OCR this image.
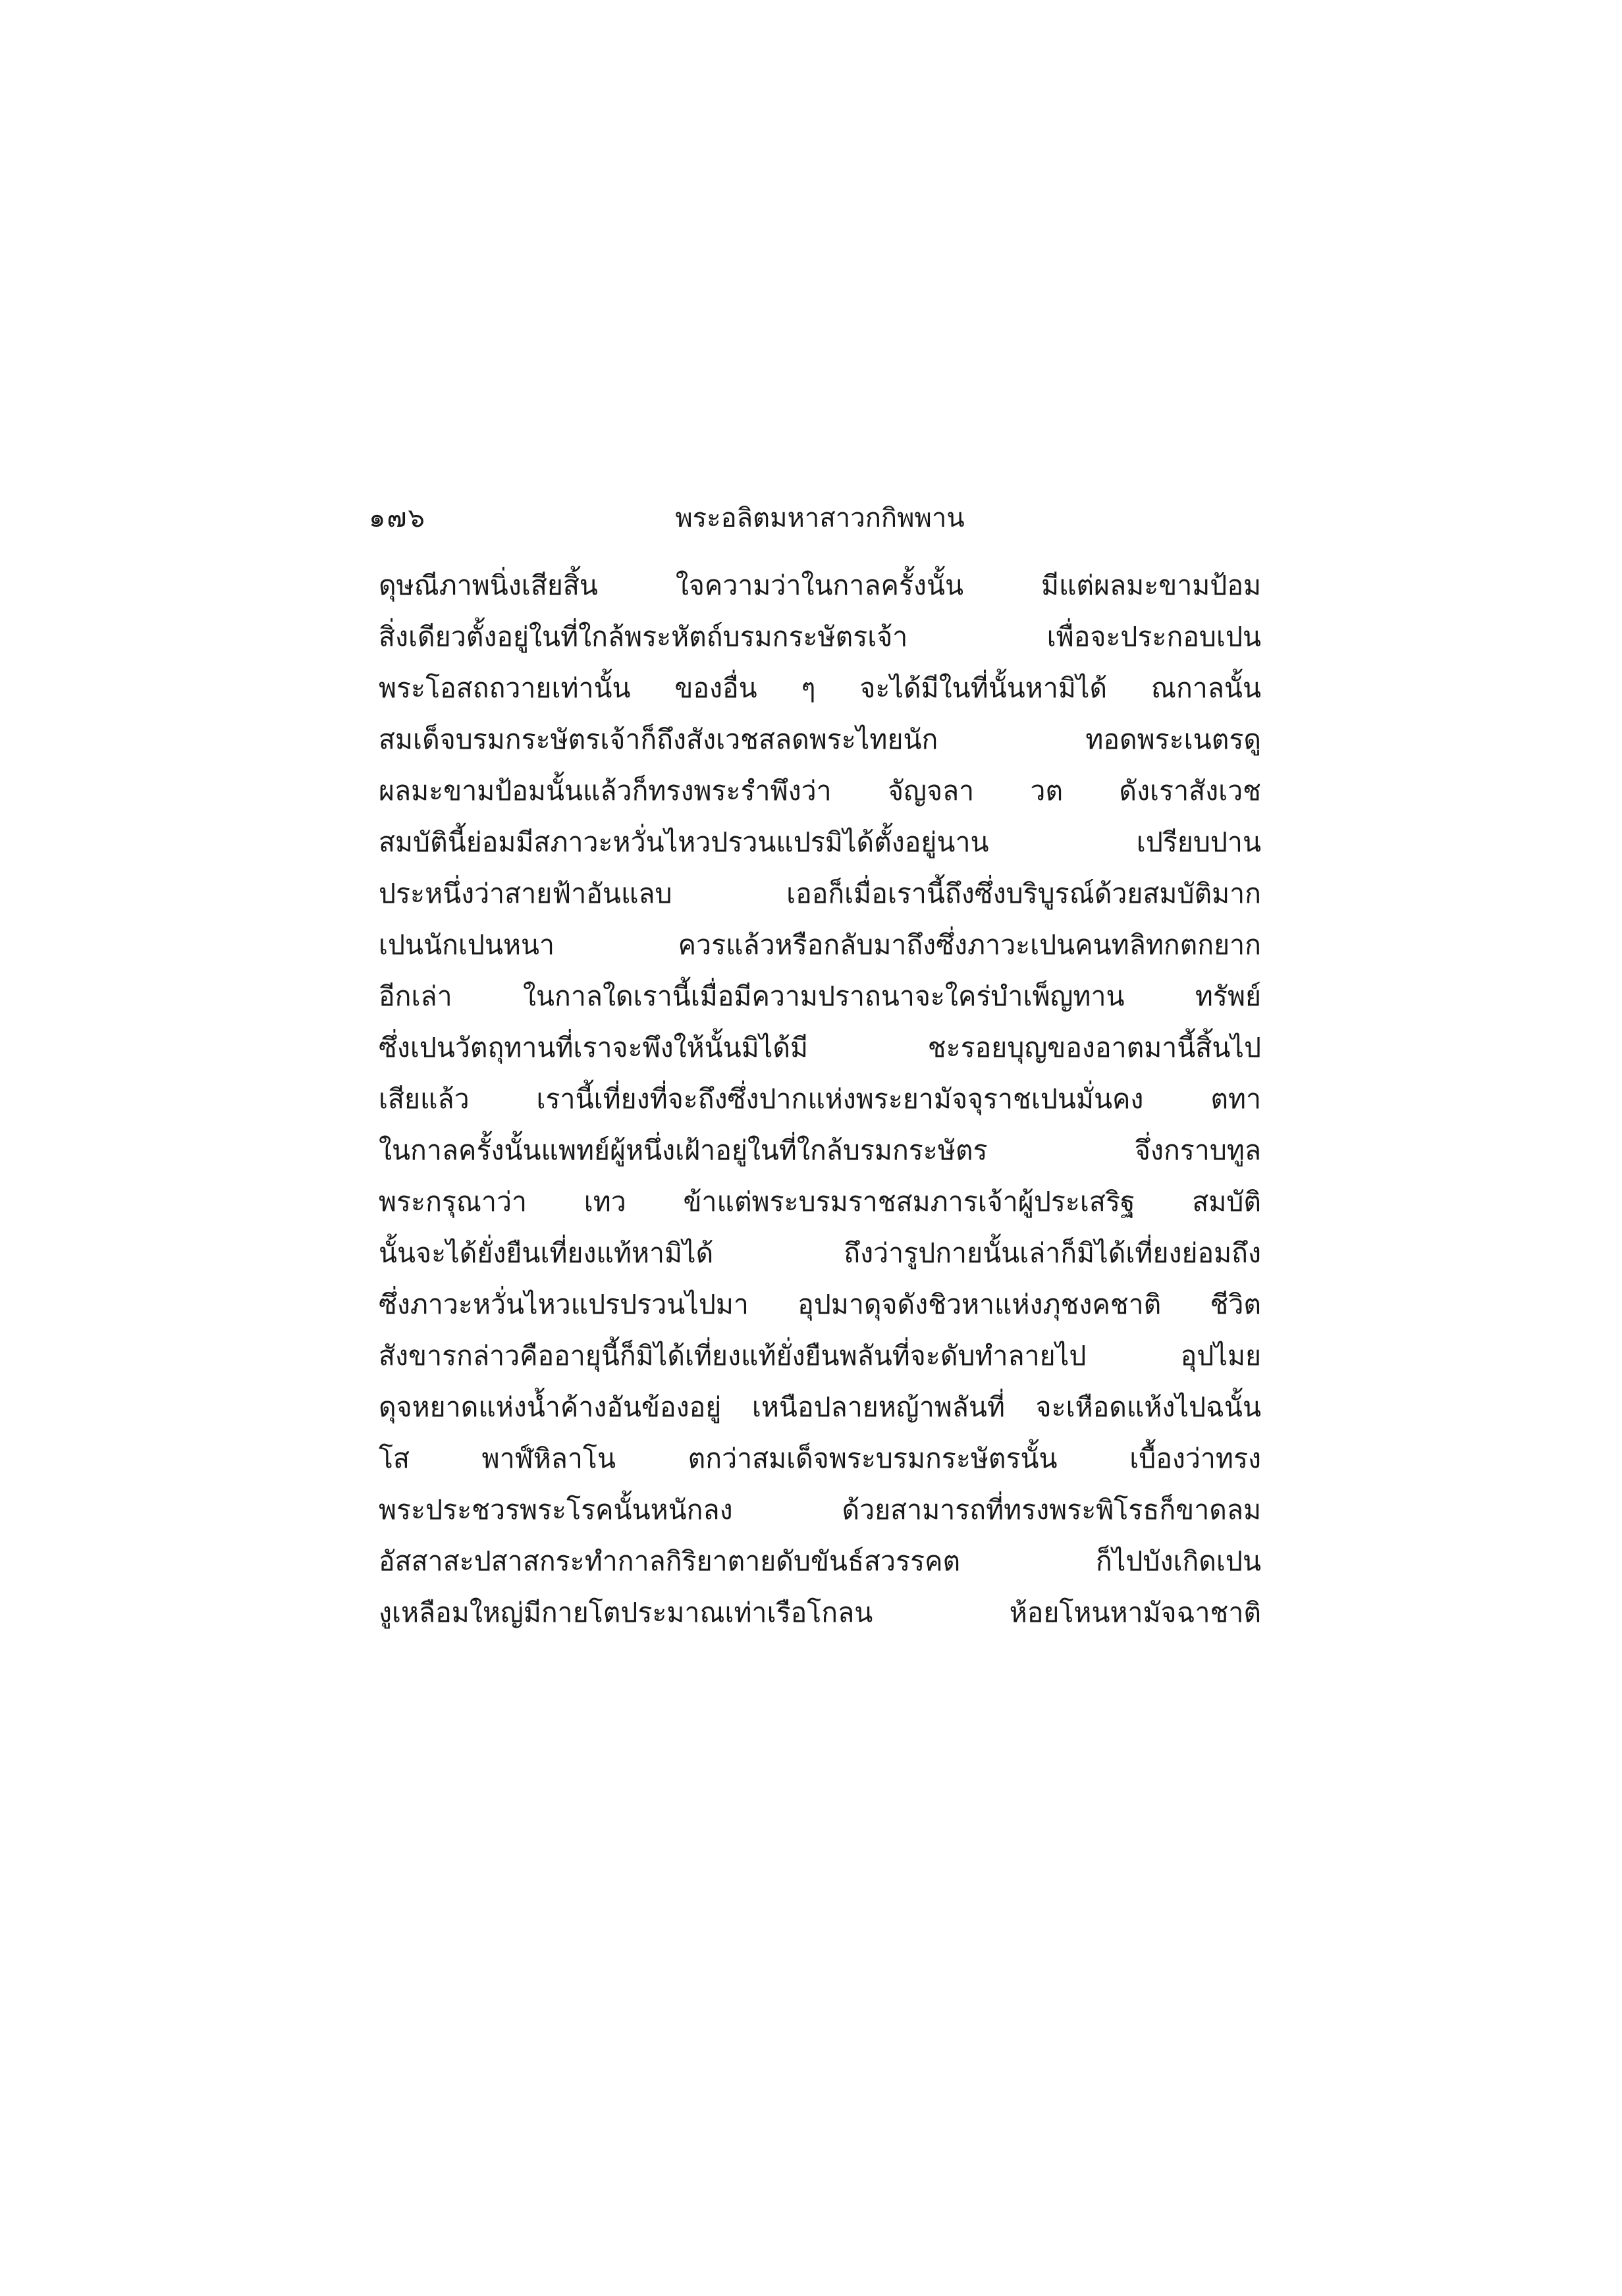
๑๗๖	พระอลิตมหาสาวกกิพพาน
ดุษณีภาพนิ่งเสียสิ้น ใจความว่าในกาลครั้งนั้น มีแต่ผลมะขามป้อม
สิ่งเดียวตั้งอยู่ในที่ใกล้พระหัตถ์บรมกระษัตรเจ้า เพื่อจะประกอบเปน
พระโอสถถวายเท่านั้น ของอื่น ๆ จะได้มีในที่นั้นหามิได้ ณกาลนั้น
สมเด็จบรมกระษัตรเจ้าก็ถึงสังเวชสลดพระไทยนัก ทอดพระเนตรดู
ผลมะขามป้อมนั้นแล้วก็ทรงพระรำพึงว่า จัญจลา วต ดังเราสังเวช
สมบัตินี้ย่อมมีสภาวะหวั่นไหวปรวนแปรมิได้ตั้งอยู่นาน เปรียบปาน
ประหนึ่งว่าสายฟ้าอันแลบ เออก็เมื่อเรานี้ถึงซึ่งบริบูรณ์ด้วยสมบัติมาก
เปนนักเปนหนา ควรแล้วหรือกลับมาถึงซึ่งภาวะเปนคนทลิทกตกยาก
อีกเล่า ในกาลใดเรานี้เมื่อมีความปราถนาจะใคร่บำเพ็ญทาน ทรัพย์
ซึ่งเปนวัตถุทานที่เราจะพึงให้นั้นมิได้มี ชะรอยบุญของอาตมานี้สิ้นไป
เสียแล้ว เรานี้เที่ยงที่จะถึงซึ่งปากแห่งพระยามัจจุราชเปนมั่นคง ตทา
ในกาลครั้งนั้นแพทย์ผู้หนึ่งเฝ้าอยู่ในที่ใกล้บรมกระษัตร จึ่งกราบทูล
พระกรุณาว่า เทว ข้าแต่พระบรมราชสมภารเจ้าผู้ประเสริฐ สมบัติ
นั้นจะได้ยั่งยืนเที่ยงแท้หามิได้ ถึงว่ารูปกายนั้นเล่าก็มิได้เที่ยงย่อมถึง
ซึ่งภาวะหวั่นไหวแปรปรวนไปมา อุปมาดุจดังชิวหาแห่งภุชงคชาติ ชีวิต
สังขารกล่าวคืออายุนี้ก็มิได้เที่ยงแท้ยั่งยืนพลันที่จะดับทำลายไป อุปไมย
ดุจหยาดแห่งน้ำค้างอันข้องอยู่ เหนือปลายหญ้าพลันที่ จะเหือดแห้งไปฉนั้น
โส พาฬ์หิลาโน ตกว่าสมเด็จพระบรมกระษัตรนั้น เบื้องว่าทรง
พระประชวรพระโรคนั้นหนักลง ด้วยสามารถที่ทรงพระพิโรธก็ขาดลม
อัสสาสะปสาสกระทำกาลกิริยาตายดับขันธ์สวรรคต ก็ไปบังเกิดเปน
งูเหลือมใหญ่มีกายโตประมาณเท่าเรือโกลน ห้อยโหนหามัจฉาชาติ
